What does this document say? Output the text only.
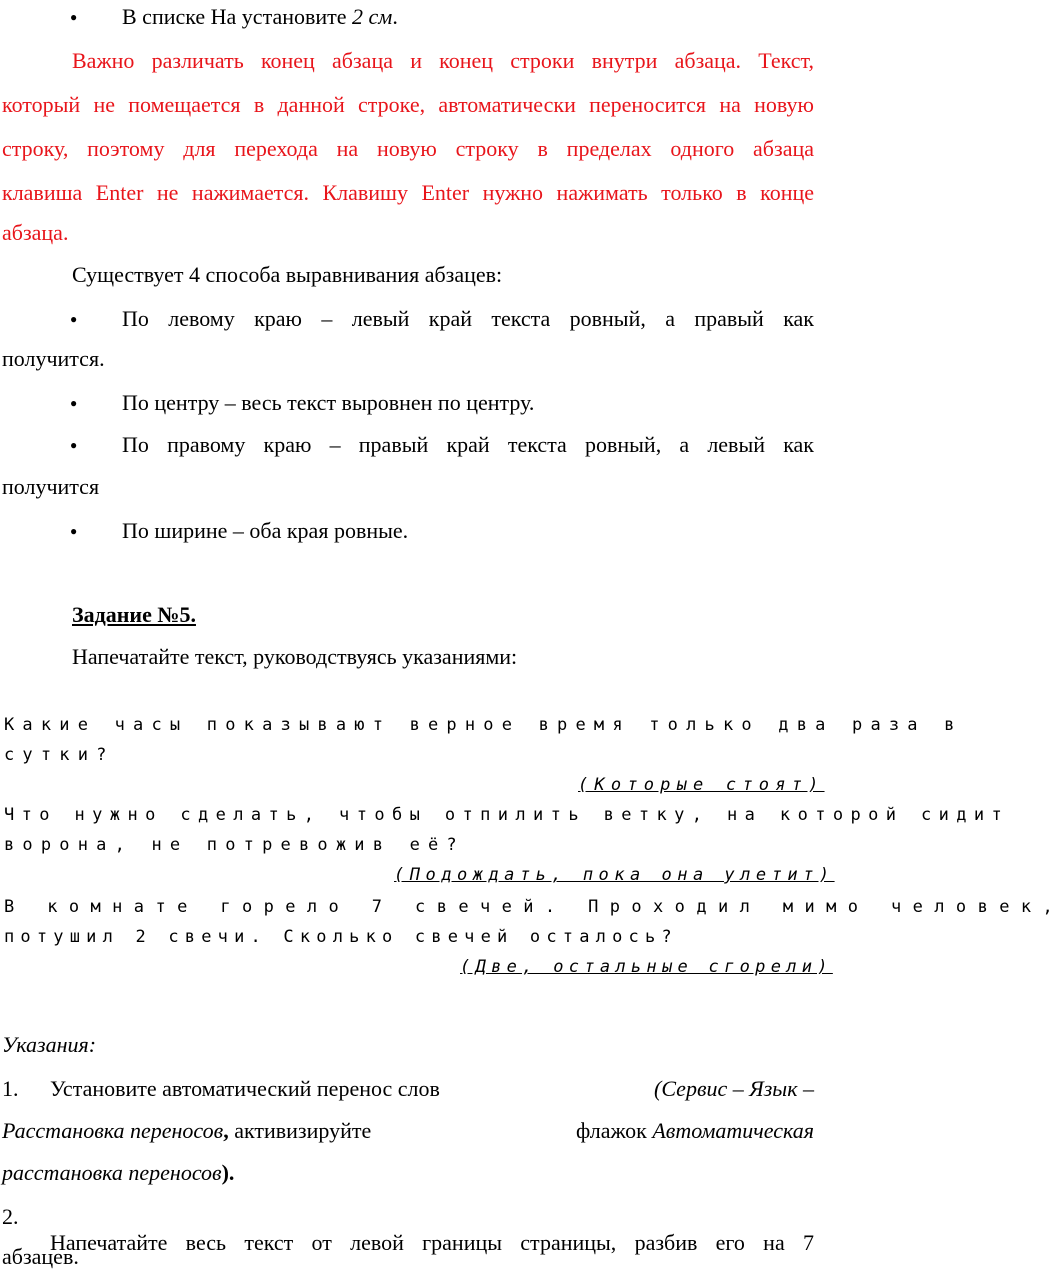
● В списке На установите 2 см.
Важно различать конец абзаца и конец строки внутри абзаца. Текст,
который не помещается в данной строке, автоматически переносится на новую
строку, поэтому для перехода на новую строку в пределах одного абзаца
клавиша Enter не нажимается. Клавишу Enter нужно нажимать только в конце
абзаца.
Существует 4 способа выравнивания абзацев:
● По левому краю – левый край текста ровный, а правый как
получится.
● По центру – весь текст выровнен по центру.
● По правому краю – правый край текста ровный, а левый как
получится
● По ширине – оба края ровные.
Задание №5.
Напечатайте текст, руководствуясь указаниями:
Какие часы показывают верное время только два раза в
сутки?
(Которые стоят)
Что нужно сделать, чтобы отпилить ветку, на которой сидит
ворона, не потревожив её?
(Подождать, пока она улетит)
В комнате горело 7 свечей. Проходил мимо человек,
потушил 2 свечи. Сколько свечей осталось?
(Две, остальные сгорели)
Указания:
1. Установите автоматический перенос слов	(Сервис – Язык –
Расстановка переносов, активизируйте	флажок Автоматическая
расстановка переносов).
2.
Напечатайте весь текст от левой границы страницы, разбив его на 7
абзацев.
